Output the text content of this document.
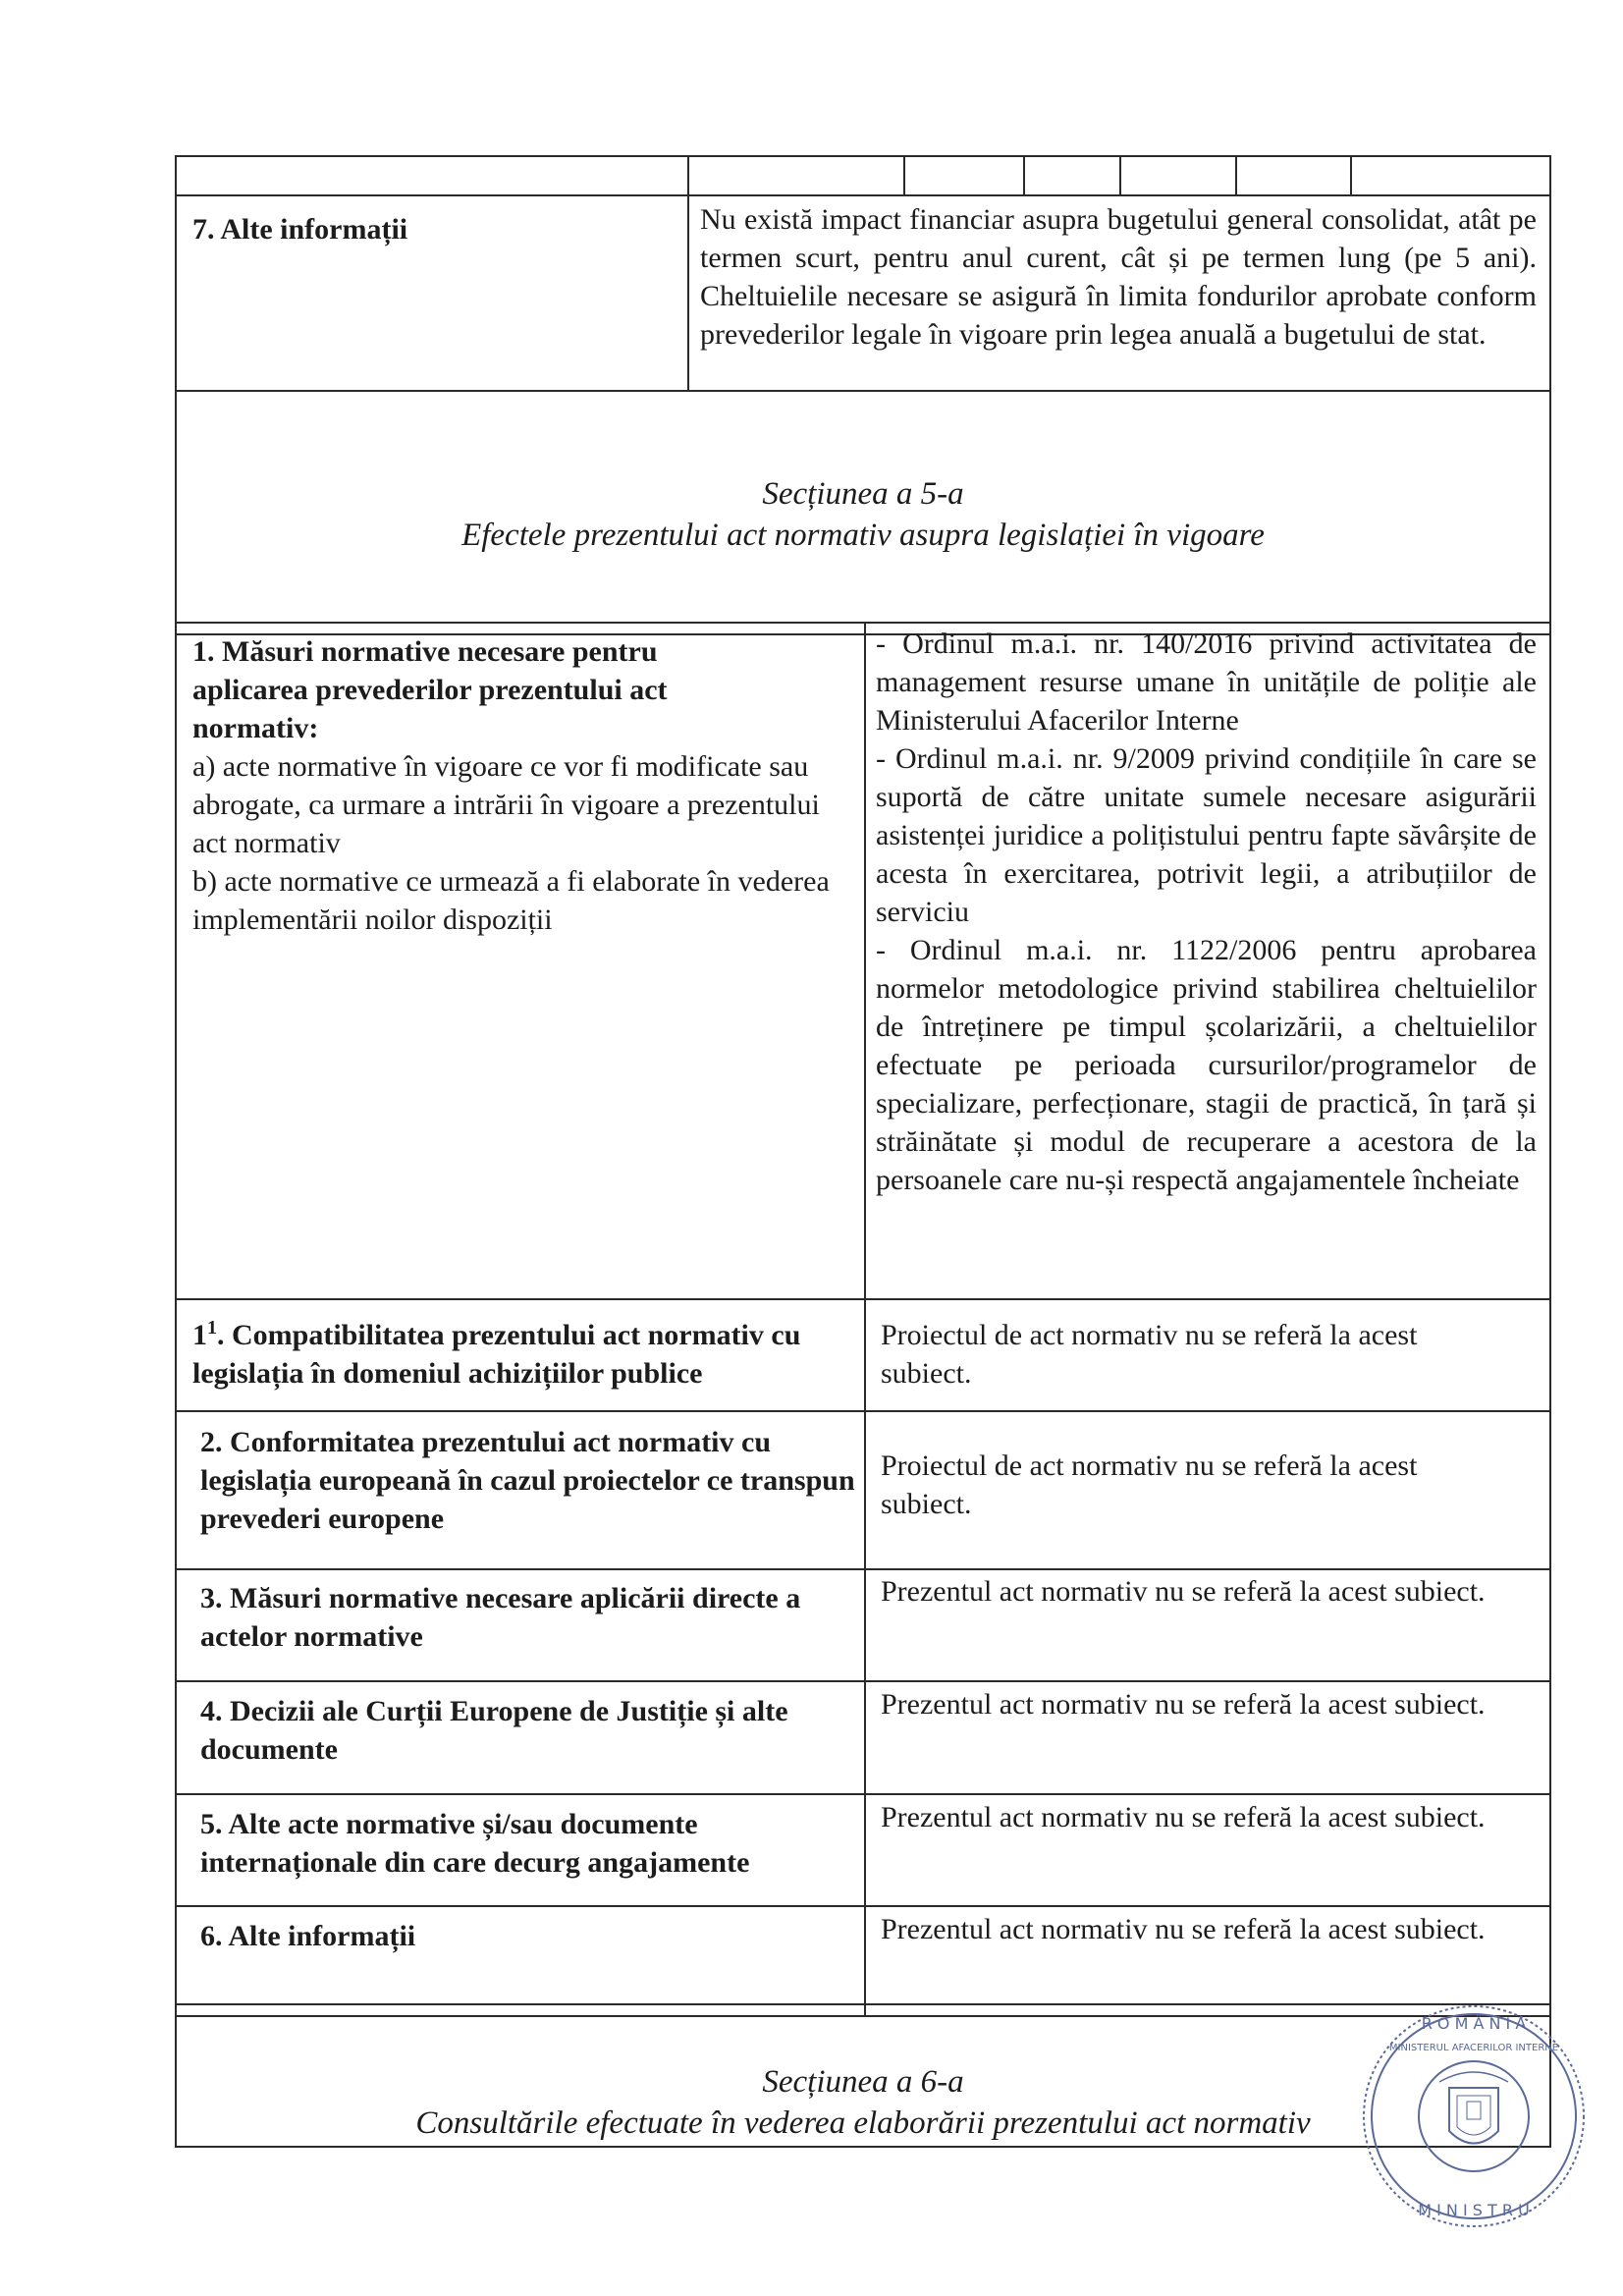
7. Alte informații	Nu există impact financiar asupra bugetului general consolidat, atât pe termen scurt, pentru anul curent, cât și pe termen lung (pe 5 ani). Cheltuielile necesare se asigură în limita fondurilor aprobate conform prevederilor legale în vigoare prin legea anuală a bugetului de stat.
Secțiunea a 5-a
Efectele prezentului act normativ asupra legislației în vigoare
1. Măsuri normative necesare pentru aplicarea prevederilor prezentului act normativ:
a) acte normative în vigoare ce vor fi modificate sau abrogate, ca urmare a intrării în vigoare a prezentului act normativ
b) acte normative ce urmează a fi elaborate în vederea implementării noilor dispoziții
- Ordinul m.a.i. nr. 140/2016 privind activitatea de management resurse umane în unitățile de poliție ale Ministerului Afacerilor Interne
- Ordinul m.a.i. nr. 9/2009 privind condițiile în care se suportă de către unitate sumele necesare asigurării asistenței juridice a polițistului pentru fapte săvârșite de acesta în exercitarea, potrivit legii, a atribuțiilor de serviciu
- Ordinul m.a.i. nr. 1122/2006 pentru aprobarea normelor metodologice privind stabilirea cheltuielilor de întreținere pe timpul școlarizării, a cheltuielilor efectuate pe perioada cursurilor/programelor de specializare, perfecționare, stagii de practică, în țară și străinătate și modul de recuperare a acestora de la persoanele care nu-și respectă angajamentele încheiate
$1^1$. Compatibilitatea prezentului act normativ cu legislația în domeniul achizițiilor publice
Proiectul de act normativ nu se referă la acest subiect.
2. Conformitatea prezentului act normativ cu legislația europeană în cazul proiectelor ce transpun prevederi europene
Proiectul de act normativ nu se referă la acest subiect.
3. Măsuri normative necesare aplicării directe a actelor normative
Prezentul act normativ nu se referă la acest subiect.
4. Decizii ale Curții Europene de Justiție și alte documente
Prezentul act normativ nu se referă la acest subiect.
5. Alte acte normative și/sau documente internaționale din care decurg angajamente
Prezentul act normativ nu se referă la acest subiect.
6. Alte informații	Prezentul act normativ nu se referă la acest subiect.
Secțiunea a 6-a
Consultările efectuate în vederea elaborării prezentului act normativ
R O M Â N I A
M I N I S T R U
MINISTERUL AFACERILOR INTERNE
